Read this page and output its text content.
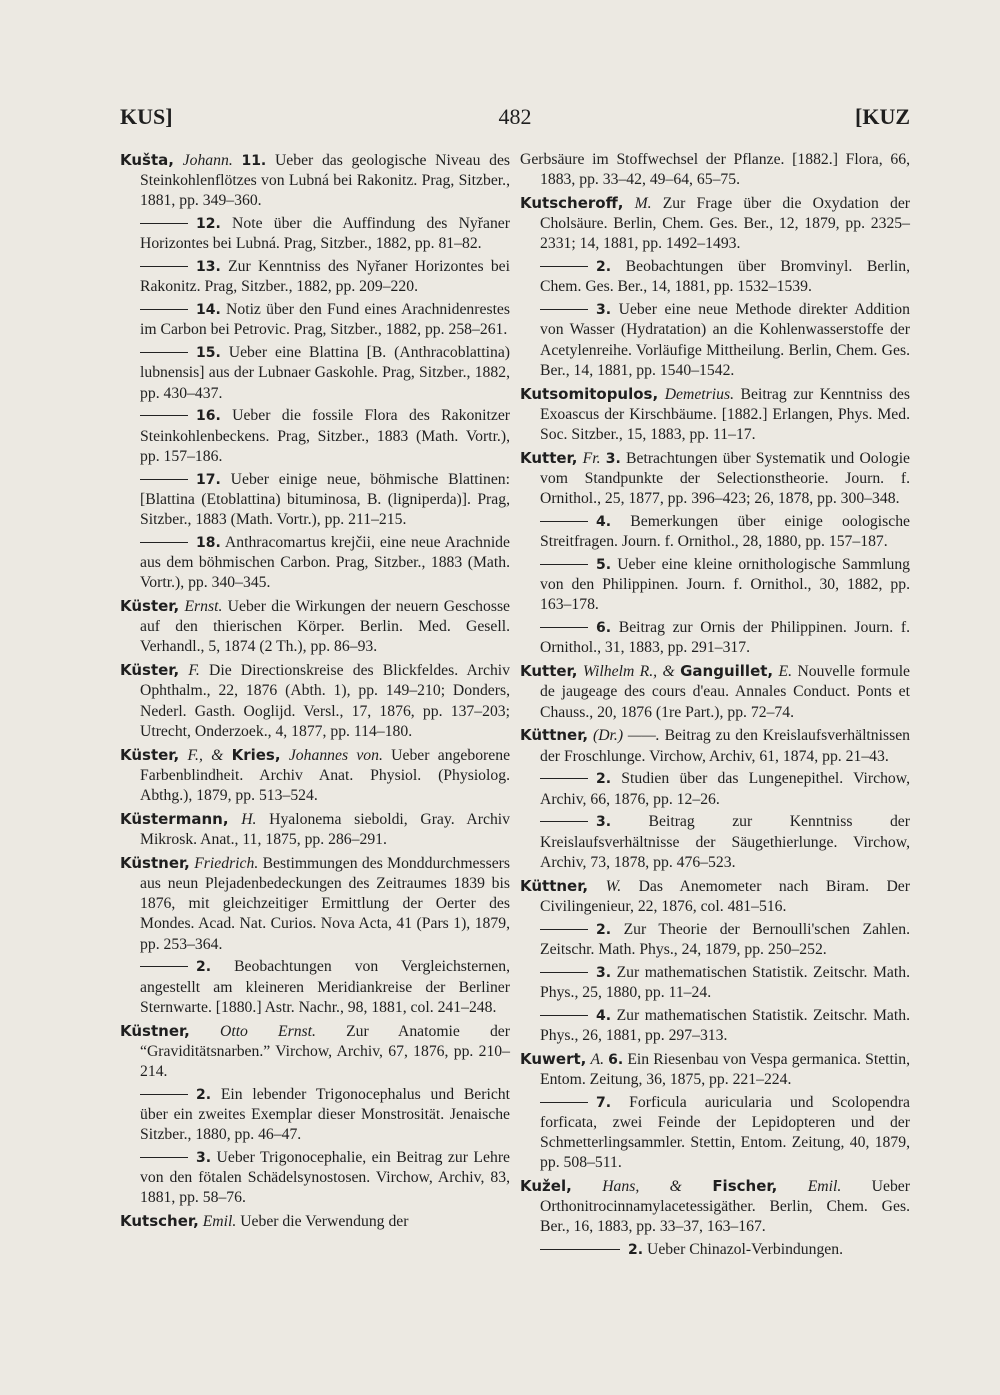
KUS]	482	[KUZ
Kušta, Johann. 11. Ueber das geologische Niveau des Steinkohlenflötzes von Lubná bei Rakonitz. Prag, Sitzber., 1881, pp. 349–360.
12. Note über die Auffindung des Nyřaner Horizontes bei Lubná. Prag, Sitzber., 1882, pp. 81–82.
13. Zur Kenntniss des Nyřaner Horizontes bei Rakonitz. Prag, Sitzber., 1882, pp. 209–220.
14. Notiz über den Fund eines Arachnidenrestes im Carbon bei Petrovic. Prag, Sitzber., 1882, pp. 258–261.
15. Ueber eine Blattina [B. (Anthracoblattina) lubnensis] aus der Lubnaer Gaskohle. Prag, Sitzber., 1882, pp. 430–437.
16. Ueber die fossile Flora des Rakonitzer Steinkohlenbeckens. Prag, Sitzber., 1883 (Math. Vortr.), pp. 157–186.
17. Ueber einige neue, böhmische Blattinen: [Blattina (Etoblattina) bituminosa, B. (ligniperda)]. Prag, Sitzber., 1883 (Math. Vortr.), pp. 211–215.
18. Anthracomartus krejčii, eine neue Arachnide aus dem böhmischen Carbon. Prag, Sitzber., 1883 (Math. Vortr.), pp. 340–345.
Küster, Ernst. Ueber die Wirkungen der neuern Geschosse auf den thierischen Körper. Berlin. Med. Gesell. Verhandl., 5, 1874 (2 Th.), pp. 86–93.
Küster, F. Die Directionskreise des Blickfeldes. Archiv Ophthalm., 22, 1876 (Abth. 1), pp. 149–210; Donders, Nederl. Gasth. Ooglijd. Versl., 17, 1876, pp. 137–203; Utrecht, Onderzoek., 4, 1877, pp. 114–180.
Küster, F., & Kries, Johannes von. Ueber angeborene Farbenblindheit. Archiv Anat. Physiol. (Physiolog. Abthg.), 1879, pp. 513–524.
Küstermann, H. Hyalonema sieboldi, Gray. Archiv Mikrosk. Anat., 11, 1875, pp. 286–291.
Küstner, Friedrich. Bestimmungen des Monddurchmessers aus neun Plejadenbedeckungen des Zeitraumes 1839 bis 1876, mit gleichzeitiger Ermittlung der Oerter des Mondes. Acad. Nat. Curios. Nova Acta, 41 (Pars 1), 1879, pp. 253–364.
2. Beobachtungen von Vergleichsternen, angestellt am kleineren Meridiankreise der Berliner Sternwarte. [1880.] Astr. Nachr., 98, 1881, col. 241–248.
Küstner, Otto Ernst. Zur Anatomie der “Graviditätsnarben.” Virchow, Archiv, 67, 1876, pp. 210–214.
2. Ein lebender Trigonocephalus und Bericht über ein zweites Exemplar dieser Monstrosität. Jenaische Sitzber., 1880, pp. 46–47.
3. Ueber Trigonocephalie, ein Beitrag zur Lehre von den fötalen Schädelsynostosen. Virchow, Archiv, 83, 1881, pp. 58–76.
Kutscher, Emil. Ueber die Verwendung der
Gerbsäure im Stoffwechsel der Pflanze. [1882.] Flora, 66, 1883, pp. 33–42, 49–64, 65–75.
Kutscheroff, M. Zur Frage über die Oxydation der Cholsäure. Berlin, Chem. Ges. Ber., 12, 1879, pp. 2325–2331; 14, 1881, pp. 1492–1493.
2. Beobachtungen über Bromvinyl. Berlin, Chem. Ges. Ber., 14, 1881, pp. 1532–1539.
3. Ueber eine neue Methode direkter Addition von Wasser (Hydratation) an die Kohlenwasserstoffe der Acetylenreihe. Vorläufige Mittheilung. Berlin, Chem. Ges. Ber., 14, 1881, pp. 1540–1542.
Kutsomitopulos, Demetrius. Beitrag zur Kenntniss des Exoascus der Kirschbäume. [1882.] Erlangen, Phys. Med. Soc. Sitzber., 15, 1883, pp. 11–17.
Kutter, Fr. 3. Betrachtungen über Systematik und Oologie vom Standpunkte der Selectionstheorie. Journ. f. Ornithol., 25, 1877, pp. 396–423; 26, 1878, pp. 300–348.
4. Bemerkungen über einige oologische Streitfragen. Journ. f. Ornithol., 28, 1880, pp. 157–187.
5. Ueber eine kleine ornithologische Sammlung von den Philippinen. Journ. f. Ornithol., 30, 1882, pp. 163–178.
6. Beitrag zur Ornis der Philippinen. Journ. f. Ornithol., 31, 1883, pp. 291–317.
Kutter, Wilhelm R., & Ganguillet, E. Nouvelle formule de jaugeage des cours d'eau. Annales Conduct. Ponts et Chauss., 20, 1876 (1re Part.), pp. 72–74.
Küttner, (Dr.) ——. Beitrag zu den Kreislaufsverhältnissen der Froschlunge. Virchow, Archiv, 61, 1874, pp. 21–43.
2. Studien über das Lungenepithel. Virchow, Archiv, 66, 1876, pp. 12–26.
3. Beitrag zur Kenntniss der Kreislaufsverhältnisse der Säugethierlunge. Virchow, Archiv, 73, 1878, pp. 476–523.
Küttner, W. Das Anemometer nach Biram. Der Civilingenieur, 22, 1876, col. 481–516.
2. Zur Theorie der Bernoulli'schen Zahlen. Zeitschr. Math. Phys., 24, 1879, pp. 250–252.
3. Zur mathematischen Statistik. Zeitschr. Math. Phys., 25, 1880, pp. 11–24.
4. Zur mathematischen Statistik. Zeitschr. Math. Phys., 26, 1881, pp. 297–313.
Kuwert, A. 6. Ein Riesenbau von Vespa germanica. Stettin, Entom. Zeitung, 36, 1875, pp. 221–224.
7. Forficula auricularia und Scolopendra forficata, zwei Feinde der Lepidopteren und der Schmetterlingsammler. Stettin, Entom. Zeitung, 40, 1879, pp. 508–511.
Kužel, Hans, & Fischer, Emil. Ueber Orthonitrocinnamylacetessigäther. Berlin, Chem. Ges. Ber., 16, 1883, pp. 33–37, 163–167.
2. Ueber Chinazol-Verbindungen.
